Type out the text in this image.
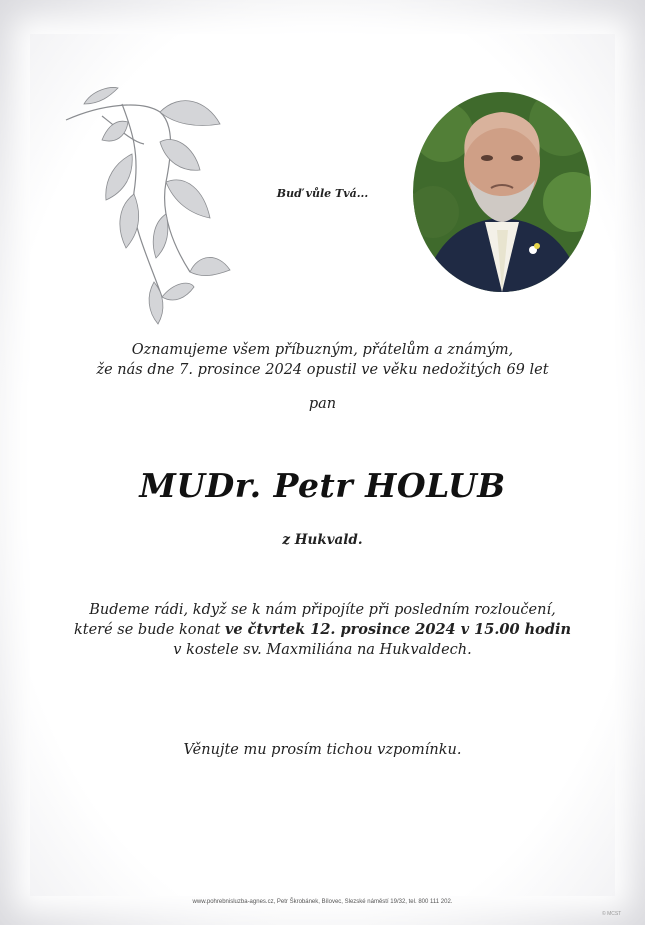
Buď vůle Tvá...
Oznamujeme všem příbuzným, přátelům a známým,
že nás dne 7. prosince 2024 opustil ve věku nedožitých 69 let
pan
MUDr. Petr HOLUB
z Hukvald.
Budeme rádi, když se k nám připojíte při posledním rozloučení,
které se bude konat ve čtvrtek 12. prosince 2024 v 15.00 hodin
v kostele sv. Maxmiliána na Hukvaldech.
Věnujte mu prosím tichou vzpomínku.
www.pohrebnisluzba-agnes.cz, Petr Škrobánek, Bílovec, Slezské náměstí 19/32, tel. 800 111 202.
© MCST
